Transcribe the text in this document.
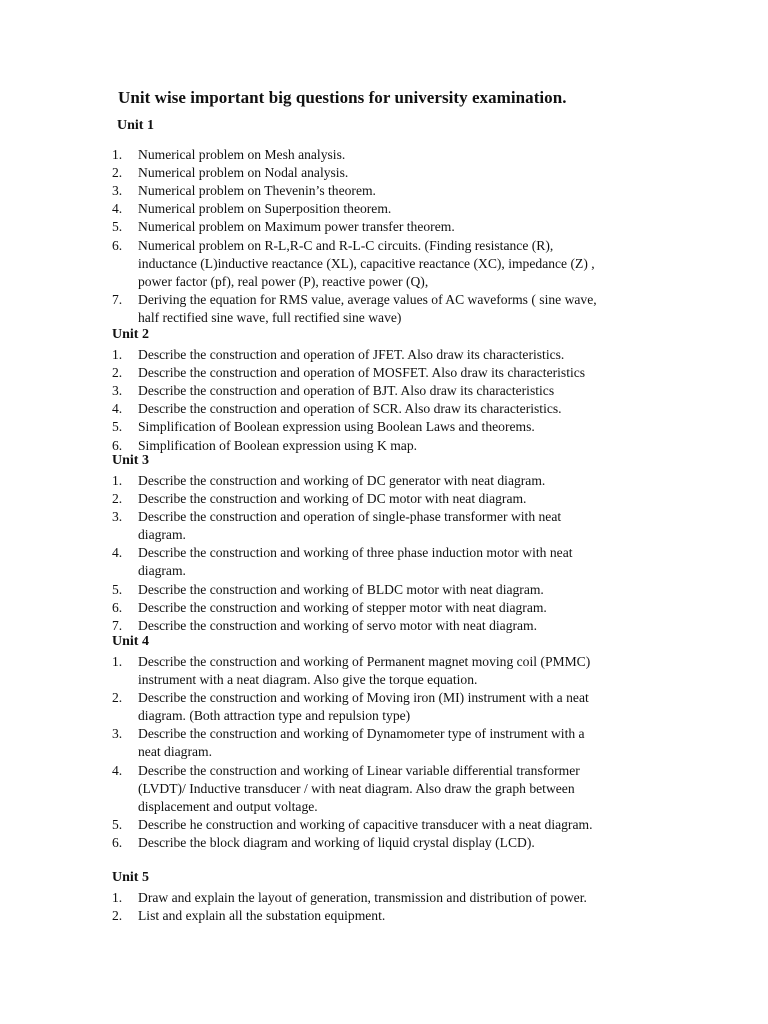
Unit wise important big questions for university examination.
Unit 1
1. Numerical problem on Mesh analysis.
2. Numerical problem on Nodal analysis.
3. Numerical problem on Thevenin’s theorem.
4. Numerical problem on Superposition theorem.
5. Numerical problem on Maximum power transfer theorem.
6. Numerical problem on R-L,R-C and R-L-C circuits. (Finding resistance (R),
inductance (L)inductive reactance (XL), capacitive reactance (XC), impedance (Z) ,
power factor (pf), real power (P), reactive power (Q),
7. Deriving the equation for RMS value, average values of AC waveforms ( sine wave,
half rectified sine wave, full rectified sine wave)
Unit 2
1. Describe the construction and operation of JFET. Also draw its characteristics.
2. Describe the construction and operation of MOSFET. Also draw its characteristics
3. Describe the construction and operation of BJT. Also draw its characteristics
4. Describe the construction and operation of SCR. Also draw its characteristics.
5. Simplification of Boolean expression using Boolean Laws and theorems.
6. Simplification of Boolean expression using K map.
Unit 3
1. Describe the construction and working of DC generator with neat diagram.
2. Describe the construction and working of DC motor with neat diagram.
3. Describe the construction and operation of single-phase transformer with neat
diagram.
4. Describe the construction and working of three phase induction motor with neat
diagram.
5. Describe the construction and working of BLDC motor with neat diagram.
6. Describe the construction and working of stepper motor with neat diagram.
7. Describe the construction and working of servo motor with neat diagram.
Unit 4
1. Describe the construction and working of Permanent magnet moving coil (PMMC)
instrument with a neat diagram. Also give the torque equation.
2. Describe the construction and working of Moving iron (MI) instrument with a neat
diagram. (Both attraction type and repulsion type)
3. Describe the construction and working of Dynamometer type of instrument with a
neat diagram.
4. Describe the construction and working of Linear variable differential transformer
(LVDT)/ Inductive transducer / with neat diagram. Also draw the graph between
displacement and output voltage.
5. Describe he construction and working of capacitive transducer with a neat diagram.
6. Describe the block diagram and working of liquid crystal display (LCD).
Unit 5
1. Draw and explain the layout of generation, transmission and distribution of power.
2. List and explain all the substation equipment.
